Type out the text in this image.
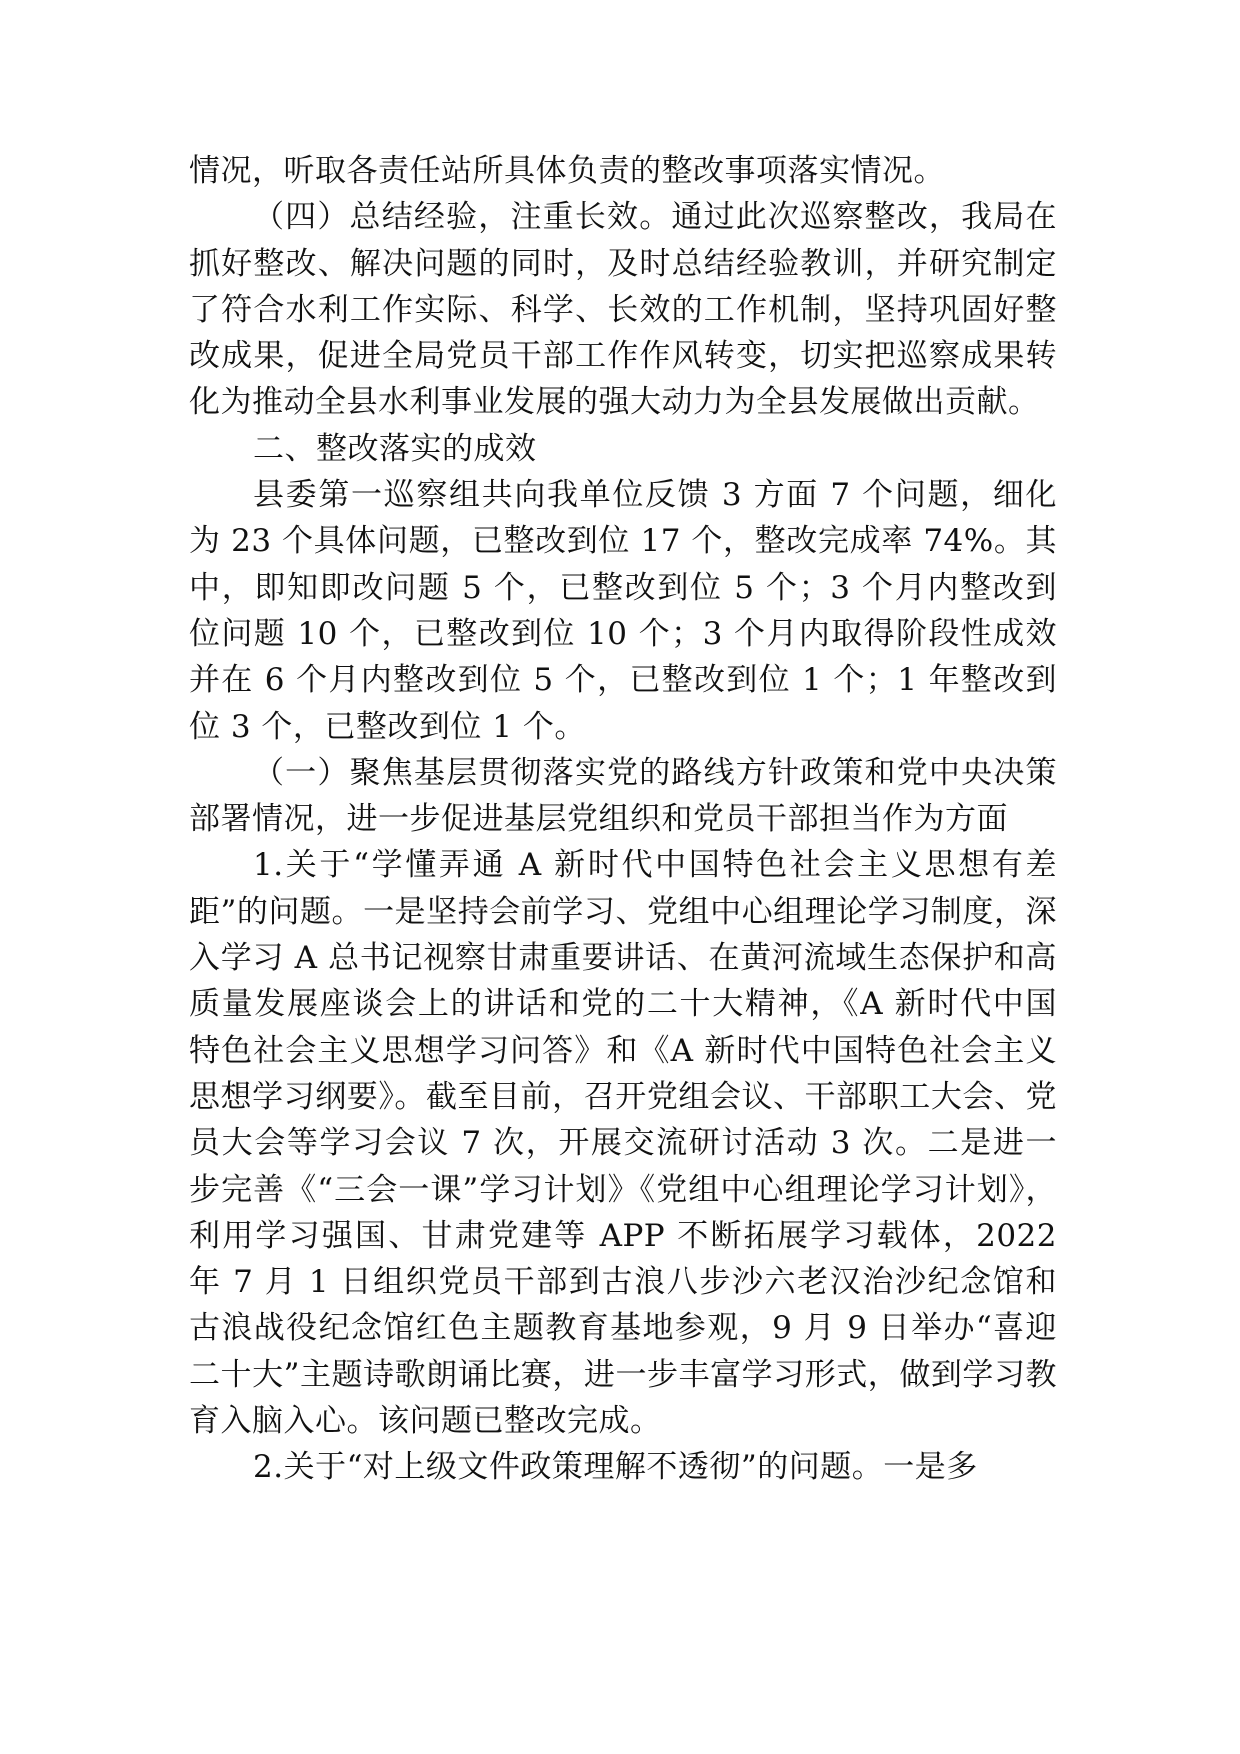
情况，听取各责任站所具体负责的整改事项落实情况。

（四）总结经验，注重长效。通过此次巡察整改，我局在抓好整改、解决问题的同时，及时总结经验教训，并研究制定了符合水利工作实际、科学、长效的工作机制，坚持巩固好整改成果，促进全局党员干部工作作风转变，切实把巡察成果转化为推动全县水利事业发展的强大动力为全县发展做出贡献。

二、整改落实的成效

县委第一巡察组共向我单位反馈 3 方面 7 个问题，细化为 23 个具体问题，已整改到位 17 个，整改完成率 74%。其中，即知即改问题 5 个，已整改到位 5 个；3 个月内整改到位问题 10 个，已整改到位 10 个；3 个月内取得阶段性成效并在 6 个月内整改到位 5 个，已整改到位 1 个；1 年整改到位 3 个，已整改到位 1 个。

（一）聚焦基层贯彻落实党的路线方针政策和党中央决策部署情况，进一步促进基层党组织和党员干部担当作为方面

1.关于“学懂弄通 A 新时代中国特色社会主义思想有差距”的问题。一是坚持会前学习、党组中心组理论学习制度，深入学习 A 总书记视察甘肃重要讲话、在黄河流域生态保护和高质量发展座谈会上的讲话和党的二十大精神，《A 新时代中国特色社会主义思想学习问答》和《A 新时代中国特色社会主义思想学习纲要》。截至目前，召开党组会议、干部职工大会、党员大会等学习会议 7 次，开展交流研讨活动 3 次。二是进一步完善《“三会一课”学习计划》《党组中心组理论学习计划》，利用学习强国、甘肃党建等 APP 不断拓展学习载体，2022 年 7 月 1 日组织党员干部到古浪八步沙六老汉治沙纪念馆和古浪战役纪念馆红色主题教育基地参观，9 月 9 日举办“喜迎二十大”主题诗歌朗诵比赛，进一步丰富学习形式，做到学习教育入脑入心。该问题已整改完成。

2.关于“对上级文件政策理解不透彻”的问题。一是多
